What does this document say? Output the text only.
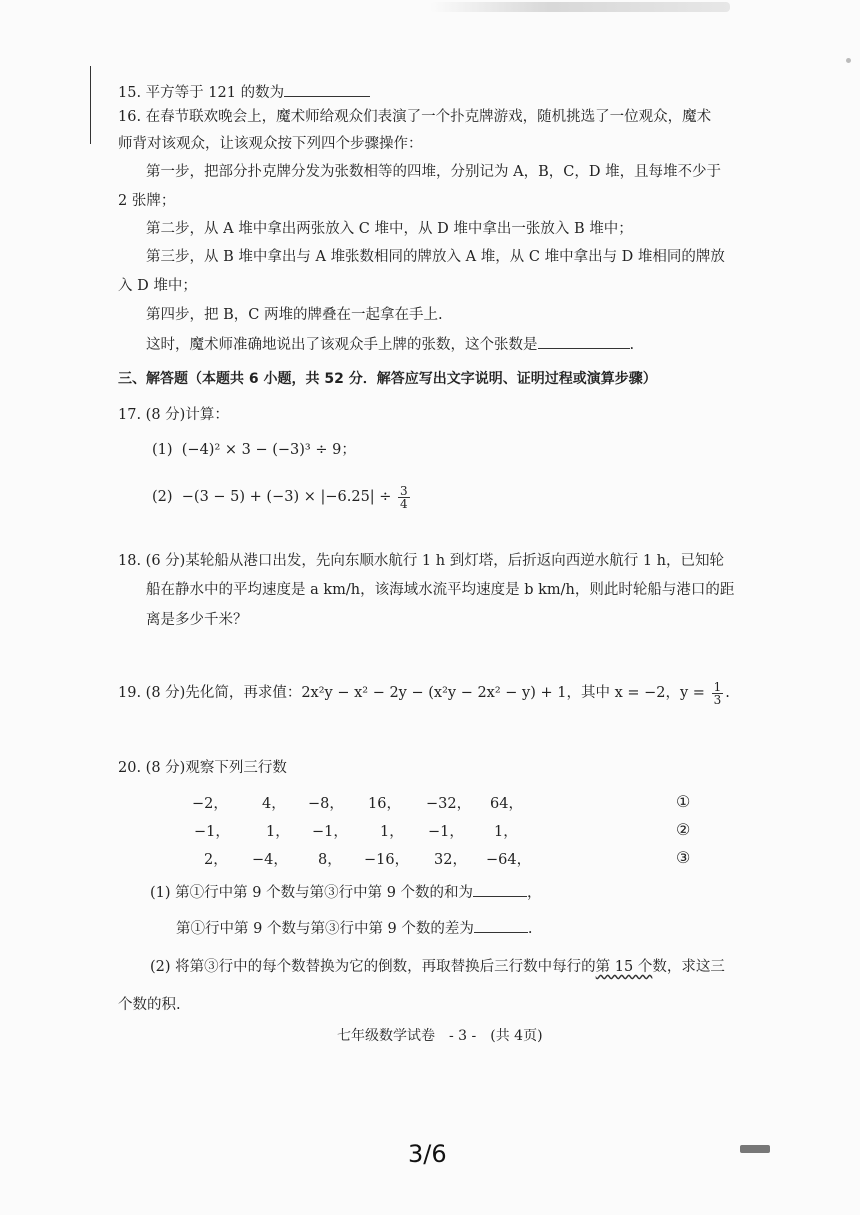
15. 平方等于 121 的数为
16. 在春节联欢晚会上，魔术师给观众们表演了一个扑克牌游戏，随机挑选了一位观众，魔术
师背对该观众，让该观众按下列四个步骤操作：
第一步，把部分扑克牌分发为张数相等的四堆，分别记为 A，B，C，D 堆，且每堆不少于
2 张牌；
第二步，从 A 堆中拿出两张放入 C 堆中，从 D 堆中拿出一张放入 B 堆中；
第三步，从 B 堆中拿出与 A 堆张数相同的牌放入 A 堆，从 C 堆中拿出与 D 堆相同的牌放
入 D 堆中；
第四步，把 B，C 两堆的牌叠在一起拿在手上.
这时，魔术师准确地说出了该观众手上牌的张数，这个张数是	.
三、解答题（本题共 6 小题，共 52 分．解答应写出文字说明、证明过程或演算步骤）
17. (8 分)计算：
(1) (−4)² × 3 − (−3)³ ÷ 9；
$(2) -(3 - 5) + (-3) \times |-6.25| \div \frac{3}{4}$
18. (6 分)某轮船从港口出发，先向东顺水航行 1 h 到灯塔，后折返向西逆水航行 1 h，已知轮
船在静水中的平均速度是 a km/h，该海域水流平均速度是 b km/h，则此时轮船与港口的距
离是多少千米？
19. (8 分)先化简，再求值：2x²y − x² − 2y − (x²y − 2x² − y) + 1，其中 x = −2，$y = \frac{1}{3}$ .
20. (8 分)观察下列三行数
−2， 4， −8， 16， −32， 64，	①
−1， 1， −1， 1， −1， 1，	②
2， −4， 8， −16， 32， −64，	③
(1) 第①行中第 9 个数与第③行中第 9 个数的和为	，
第①行中第 9 个数与第③行中第 9 个数的差为	.
(2) 将第③行中的每个数替换为它的倒数，再取替换后三行数中每行的第 15 个数，求这三
个数的积.
七年级数学试卷　- 3 -　(共 4页)
3/6
